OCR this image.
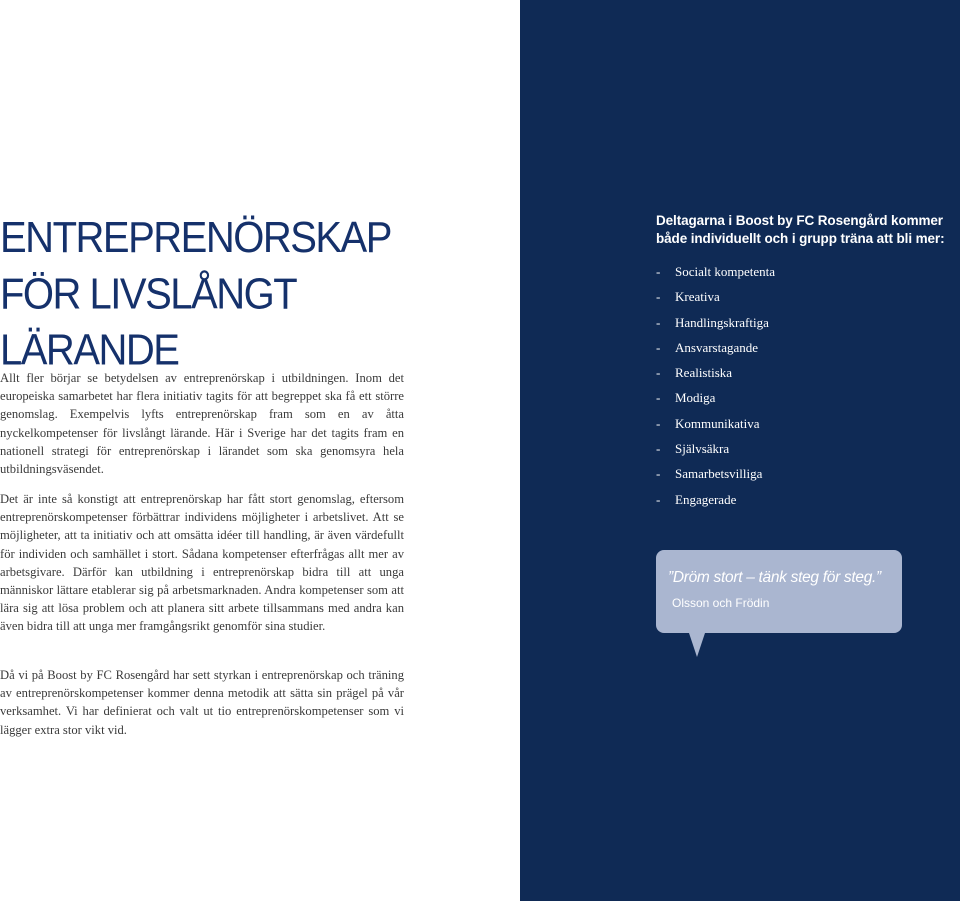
ENTREPRENÖRSKAP
FÖR LIVSLÅNGT
LÄRANDE

Allt fler börjar se betydelsen av entreprenörskap i utbildningen. Inom det europeiska samarbetet har flera initiativ tagits för att begreppet ska få ett större genomslag. Exempelvis lyfts entreprenörskap fram som en av åtta nyckelkompetenser för livslångt lärande. Här i Sverige har det tagits fram en nationell strategi för entreprenörskap i lärandet som ska genomsyra hela utbildningsväsendet.

Det är inte så konstigt att entreprenörskap har fått stort genomslag, eftersom entreprenörskompetenser förbättrar individens möjligheter i arbetslivet. Att se möjligheter, att ta initiativ och att omsätta idéer till handling, är även värdefullt för individen och samhället i stort. Sådana kompetenser efterfrågas allt mer av arbetsgivare. Därför kan utbildning i entreprenörskap bidra till att unga människor lättare etablerar sig på arbetsmarknaden. Andra kompetenser som att lära sig att lösa problem och att planera sitt arbete tillsammans med andra kan även bidra till att unga mer framgångsrikt genomför sina studier.

Då vi på Boost by FC Rosengård har sett styrkan i entreprenörskap och träning av entreprenörskompetenser kommer denna metodik att sätta sin prägel på vår verksamhet. Vi har definierat och valt ut tio entreprenörskompetenser som vi lägger extra stor vikt vid.

Deltagarna i Boost by FC Rosengård kommer
både individuellt och i grupp träna att bli mer:
- Socialt kompetenta
- Kreativa
- Handlingskraftiga
- Ansvarstagande
- Realistiska
- Modiga
- Kommunikativa
- Självsäkra
- Samarbetsvilliga
- Engagerade

”Dröm stort – tänk steg för steg.”

Olsson och Frödin
